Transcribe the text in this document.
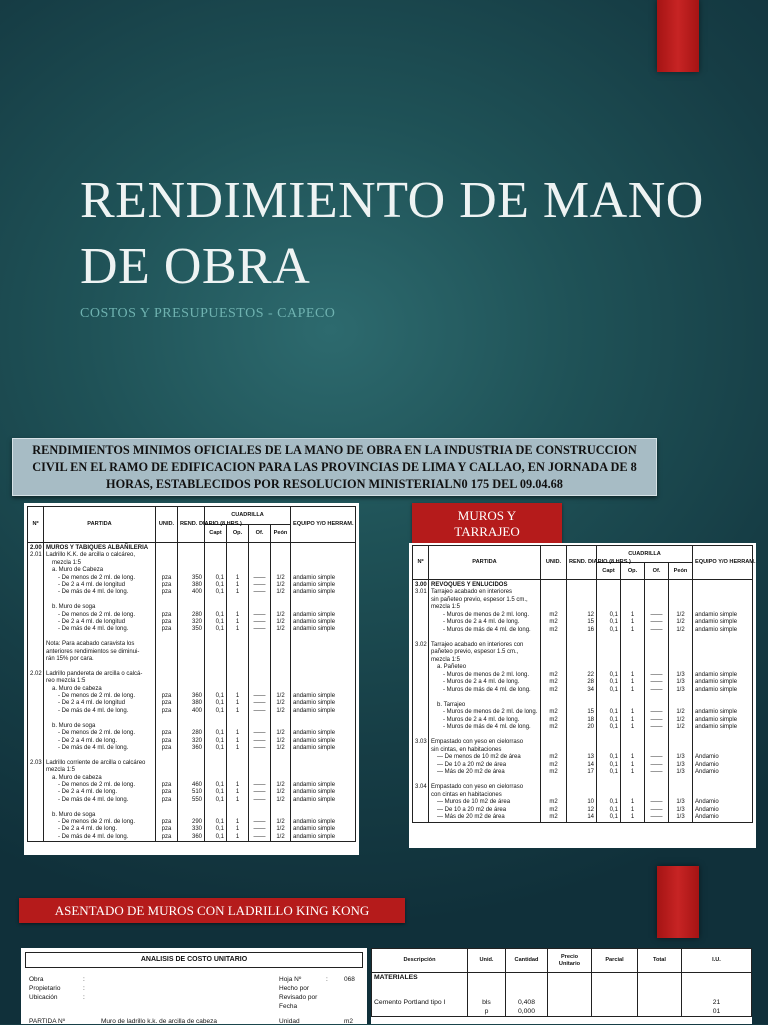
RENDIMIENTO DE MANO DE OBRA
COSTOS Y PRESUPUESTOS - CAPECO
RENDIMIENTOS MINIMOS OFICIALES DE LA MANO DE OBRA EN LA INDUSTRIA DE CONSTRUCCION CIVIL EN EL RAMO DE EDIFICACION PARA LAS PROVINCIAS DE LIMA Y CALLAO, EN JORNADA DE 8 HORAS, ESTABLECIDOS POR RESOLUCION MINISTERIALN0 175 DEL 09.04.68
MUROS Y TARRAJEO
ASENTADO DE MUROS CON LADRILLO KING KONG
Nº	PARTIDA	UNID.	REND. DIARIO (8 HRS.)	CUADRILLA				EQUIPO Y/O HERRAM.
				Capt	Op.	Of.	Peón	
2.00	MUROS Y TABIQUES ALBAÑILERIA							
2.01	Ladrillo K.K. de arcilla o calcáreo,							
	mezcla 1:5							
	a. Muro de Cabeza							
	- De menos de 2 ml. de long.	pza	350	0,1	1	——	1/2	andamio simple
	- De 2 a 4 ml. de longitud	pza	380	0,1	1	——	1/2	andamio simple
	- De más de 4 ml. de long.	pza	400	0,1	1	——	1/2	andamio simple

	b. Muro de soga							
	- De menos de 2 ml. de long.	pza	280	0,1	1	——	1/2	andamio simple
	- De 2 a 4 ml. de longitud	pza	320	0,1	1	——	1/2	andamio simple
	- De más de 4 ml. de long.	pza	350	0,1	1	——	1/2	andamio simple

	Nota: Para acabado caravista los							
	anteriores rendimientos se diminui-							
	rán 15% por cara.							

2.02	Ladrillo pandereta de arcilla o calcá-							
	reo mezcla 1:5							
	a. Muro de cabeza							
	- De menos de 2 ml. de long.	pza	360	0,1	1	——	1/2	andamio simple
	- De 2 a 4 ml. de longitud	pza	380	0,1	1	——	1/2	andamio simple
	- De más de 4 ml. de long.	pza	400	0,1	1	——	1/2	andamio simple

	b. Muro de soga							
	- De menos de 2 ml. de long.	pza	280	0,1	1	——	1/2	andamio simple
	- De 2 a 4 ml. de long.	pza	320	0,1	1	——	1/2	andamio simple
	- De más de 4 ml. de long.	pza	360	0,1	1	——	1/2	andamio simple

2.03	Ladrillo corriente de arcilla o calcáreo							
	mezcla 1:5							
	a. Muro de cabeza							
	- De menos de 2 ml. de long.	pza	460	0,1	1	——	1/2	andamio simple
	- De 2 a 4 ml. de long.	pza	510	0,1	1	——	1/2	andamio simple
	- De más de 4 ml. de long.	pza	550	0,1	1	——	1/2	andamio simple

	b. Muro de soga							
	- De menos de 2 ml. de long.	pza	290	0,1	1	——	1/2	andamio simple
	- De 2 a 4 ml. de long.	pza	330	0,1	1	——	1/2	andamio simple
	- De más de 4 ml. de long.	pza	360	0,1	1	——	1/2	andamio simple
Nº	PARTIDA	UNID.	REND. DIARIO (8 HRS.)	CUADRILLA				EQUIPO Y/O HERRAM.
				Capt	Op.	Of.	Peón	
3.00	REVOQUES Y ENLUCIDOS							
3.01	Tarrajeo acabado en interiores							
	sin pañeteo previo, espesor 1.5 cm.,							
	mezcla 1:5							
	- Muros de menos de 2 ml. long.	m2	12	0,1	1	——	1/2	andamio simple
	- Muros de 2 a 4 ml. de long.	m2	15	0,1	1	——	1/2	andamio simple
	- Muros de más de 4 ml. de long.	m2	16	0,1	1	——	1/2	andamio simple

3.02	Tarrajeo acabado en interiores con							
	pañeteo previo, espesor 1.5 cm.,							
	mezcla 1:5							
	a. Pañeteo							
	- Muros de menos de 2 ml. long.	m2	22	0,1	1	——	1/3	andamio simple
	- Muros de 2 a 4 ml. de long.	m2	28	0,1	1	——	1/3	andamio simple
	- Muros de más de 4 ml. de long.	m2	34	0,1	1	——	1/3	andamio simple

	b. Tarrajeo							
	- Muros de menos de 2 ml. de long.	m2	15	0,1	1	——	1/2	andamio simple
	- Muros de 2 a 4 ml. de long.	m2	18	0,1	1	——	1/2	andamio simple
	- Muros de más de 4 ml. de long.	m2	20	0,1	1	——	1/2	andamio simple

3.03	Empastado con yeso en cielorraso							
	sin cintas, en habitaciones							
	— De menos de 10 m2 de área	m2	13	0,1	1	——	1/3	Andamio
	— De 10 a 20 m2 de área	m2	14	0,1	1	——	1/3	Andamio
	— Más de 20 m2 de área	m2	17	0,1	1	——	1/3	Andamio

3.04	Empastado con yeso en cielorraso							
	con cintas en habitaciones							
	— Muros de 10 m2 de área	m2	10	0,1	1	——	1/3	Andamio
	— De 10 a 20 m2 de área	m2	12	0,1	1	——	1/3	Andamio
	— Más de 20 m2 de área	m2	14	0,1	1	——	1/3	Andamio
ANALISIS DE COSTO UNITARIO
Obra	:
Propietario	:
Ubicación	:
Hoja Nº	: 068
Hecho por
Revisado por
Fecha
PARTIDA Nº	Muro de ladrillo k.k. de arcilla de cabeza	Unidad	m2
Descripción	Unid.	Cantidad	Precio Unitario	Parcial	Total	I.U.
MATERIALES						
Cemento Portland tipo I	bls	0,408				21
	p	0,000				01
